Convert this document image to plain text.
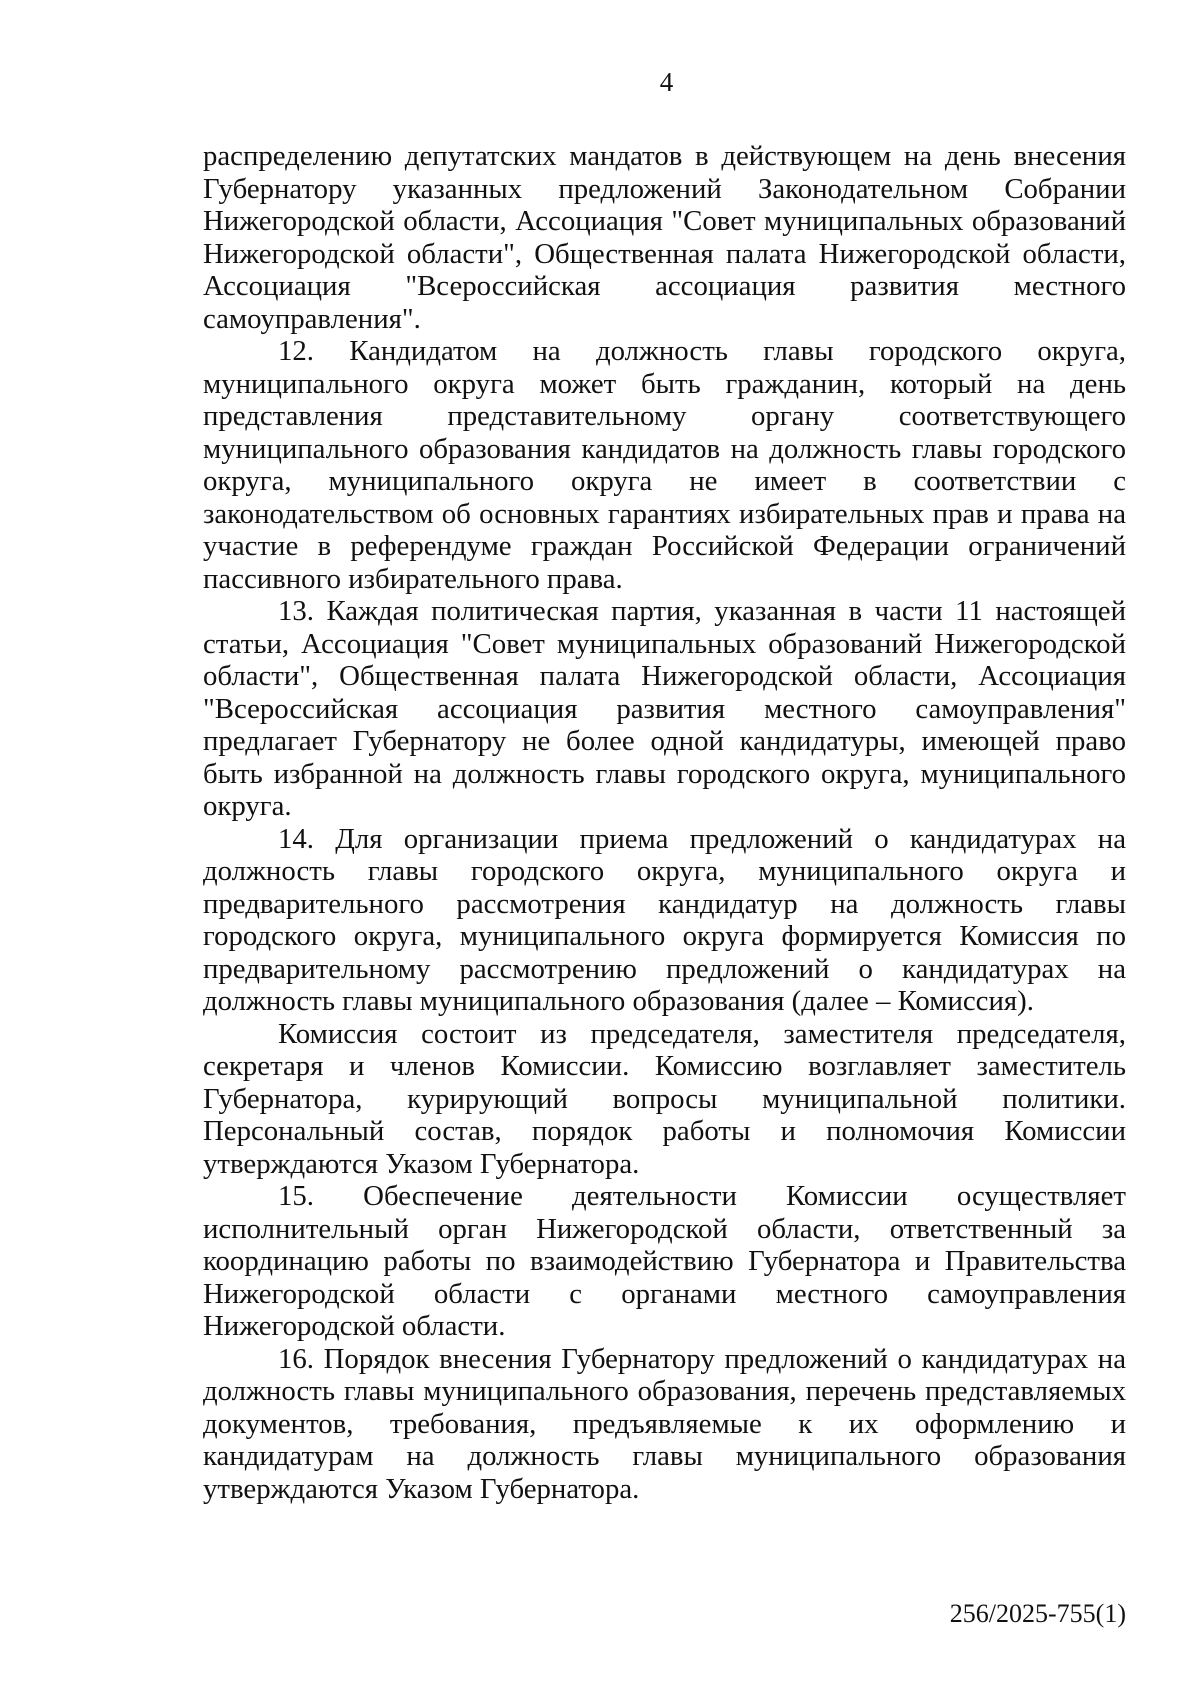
4

распределению депутатских мандатов в действующем на день внесения Губернатору указанных предложений Законодательном Собрании Нижегородской области, Ассоциация "Совет муниципальных образований Нижегородской области", Общественная палата Нижегородской области, Ассоциация "Всероссийская ассоциация развития местного самоуправления".

12. Кандидатом на должность главы городского округа, муниципального округа может быть гражданин, который на день представления представительному органу соответствующего муниципального образования кандидатов на должность главы городского округа, муниципального округа не имеет в соответствии с законодательством об основных гарантиях избирательных прав и права на участие в референдуме граждан Российской Федерации ограничений пассивного избирательного права.

13. Каждая политическая партия, указанная в части 11 настоящей статьи, Ассоциация "Совет муниципальных образований Нижегородской области", Общественная палата Нижегородской области, Ассоциация "Всероссийская ассоциация развития местного самоуправления" предлагает Губернатору не более одной кандидатуры, имеющей право быть избранной на должность главы городского округа, муниципального округа.

14. Для организации приема предложений о кандидатурах на должность главы городского округа, муниципального округа и предварительного рассмотрения кандидатур на должность главы городского округа, муниципального округа формируется Комиссия по предварительному рассмотрению предложений о кандидатурах на должность главы муниципального образования (далее – Комиссия).

Комиссия состоит из председателя, заместителя председателя, секретаря и членов Комиссии. Комиссию возглавляет заместитель Губернатора, курирующий вопросы муниципальной политики. Персональный состав, порядок работы и полномочия Комиссии утверждаются Указом Губернатора.

15. Обеспечение деятельности Комиссии осуществляет исполнительный орган Нижегородской области, ответственный за координацию работы по взаимодействию Губернатора и Правительства Нижегородской области с органами местного самоуправления Нижегородской области.

16. Порядок внесения Губернатору предложений о кандидатурах на должность главы муниципального образования, перечень представляемых документов, требования, предъявляемые к их оформлению и кандидатурам на должность главы муниципального образования утверждаются Указом Губернатора.

256/2025-755(1)
